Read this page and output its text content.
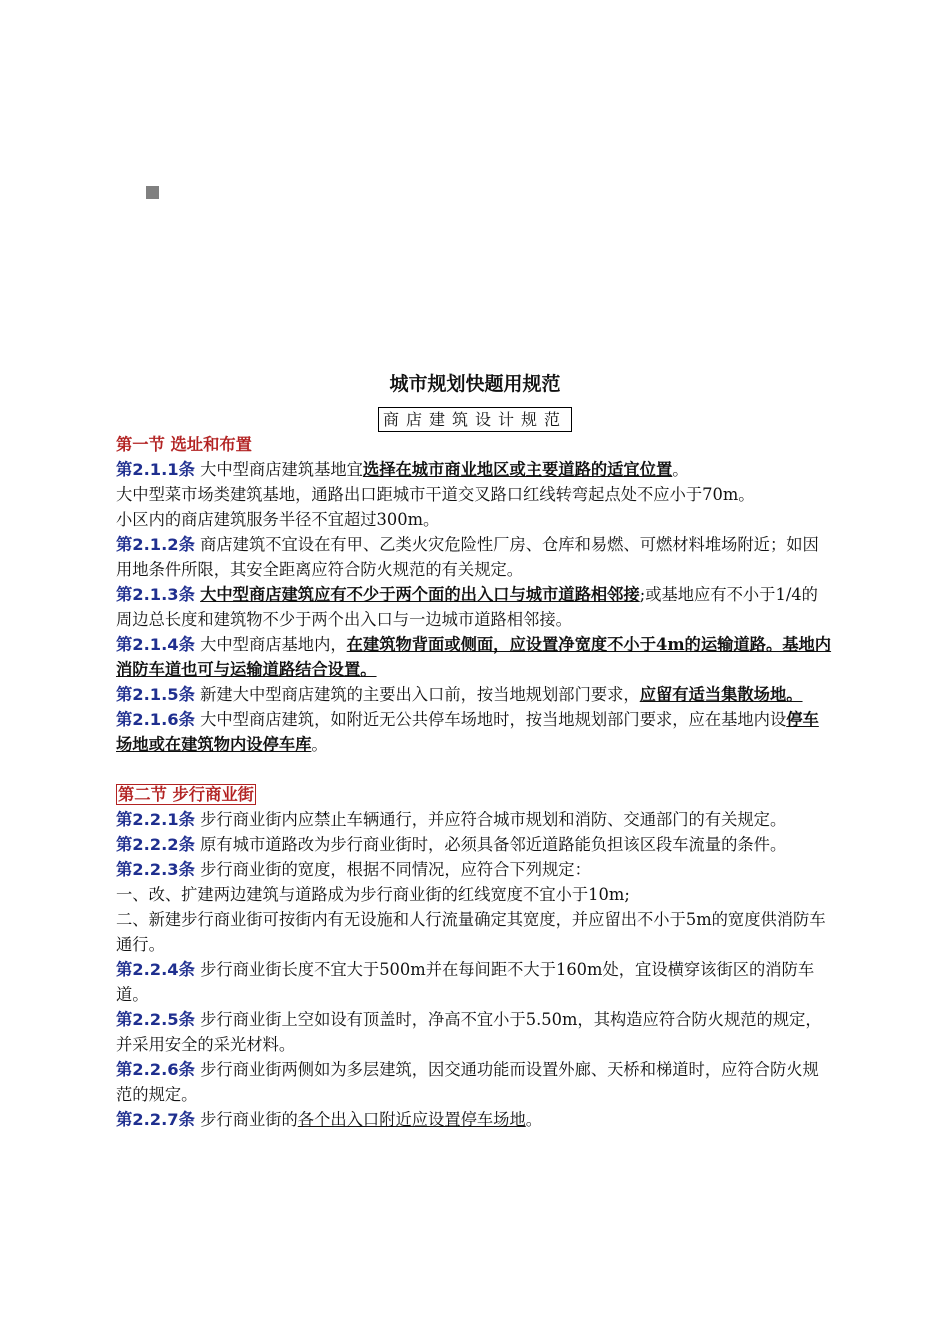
城市规划快题用规范
商店建筑设计规范

第一节 选址和布置

第2.1.1条 大中型商店建筑基地宜选择在城市商业地区或主要道路的适宜位置。

大中型菜市场类建筑基地，通路出口距城市干道交叉路口红线转弯起点处不应小于70m。

小区内的商店建筑服务半径不宜超过300m。

第2.1.2条 商店建筑不宜设在有甲、乙类火灾危险性厂房、仓库和易燃、可燃材料堆场附近；如因用地条件所限，其安全距离应符合防火规范的有关规定。

第2.1.3条 大中型商店建筑应有不少于两个面的出入口与城市道路相邻接;或基地应有不小于1/4的周边总长度和建筑物不少于两个出入口与一边城市道路相邻接。

第2.1.4条 大中型商店基地内，在建筑物背面或侧面，应设置净宽度不小于4m的运输道路。基地内消防车道也可与运输道路结合设置。

第2.1.5条 新建大中型商店建筑的主要出入口前，按当地规划部门要求，应留有适当集散场地。

第2.1.6条 大中型商店建筑，如附近无公共停车场地时，按当地规划部门要求，应在基地内设停车场地或在建筑物内设停车库。

第二节 步行商业街

第2.2.1条 步行商业街内应禁止车辆通行，并应符合城市规划和消防、交通部门的有关规定。

第2.2.2条 原有城市道路改为步行商业街时，必须具备邻近道路能负担该区段车流量的条件。

第2.2.3条 步行商业街的宽度，根据不同情况，应符合下列规定：

一、改、扩建两边建筑与道路成为步行商业街的红线宽度不宜小于10m;

二、新建步行商业街可按街内有无设施和人行流量确定其宽度，并应留出不小于5m的宽度供消防车通行。

第2.2.4条 步行商业街长度不宜大于500m并在每间距不大于160m处，宜设横穿该街区的消防车道。

第2.2.5条 步行商业街上空如设有顶盖时，净高不宜小于5.50m，其构造应符合防火规范的规定，并采用安全的采光材料。

第2.2.6条 步行商业街两侧如为多层建筑，因交通功能而设置外廊、天桥和梯道时，应符合防火规范的规定。

第2.2.7条 步行商业街的各个出入口附近应设置停车场地。
